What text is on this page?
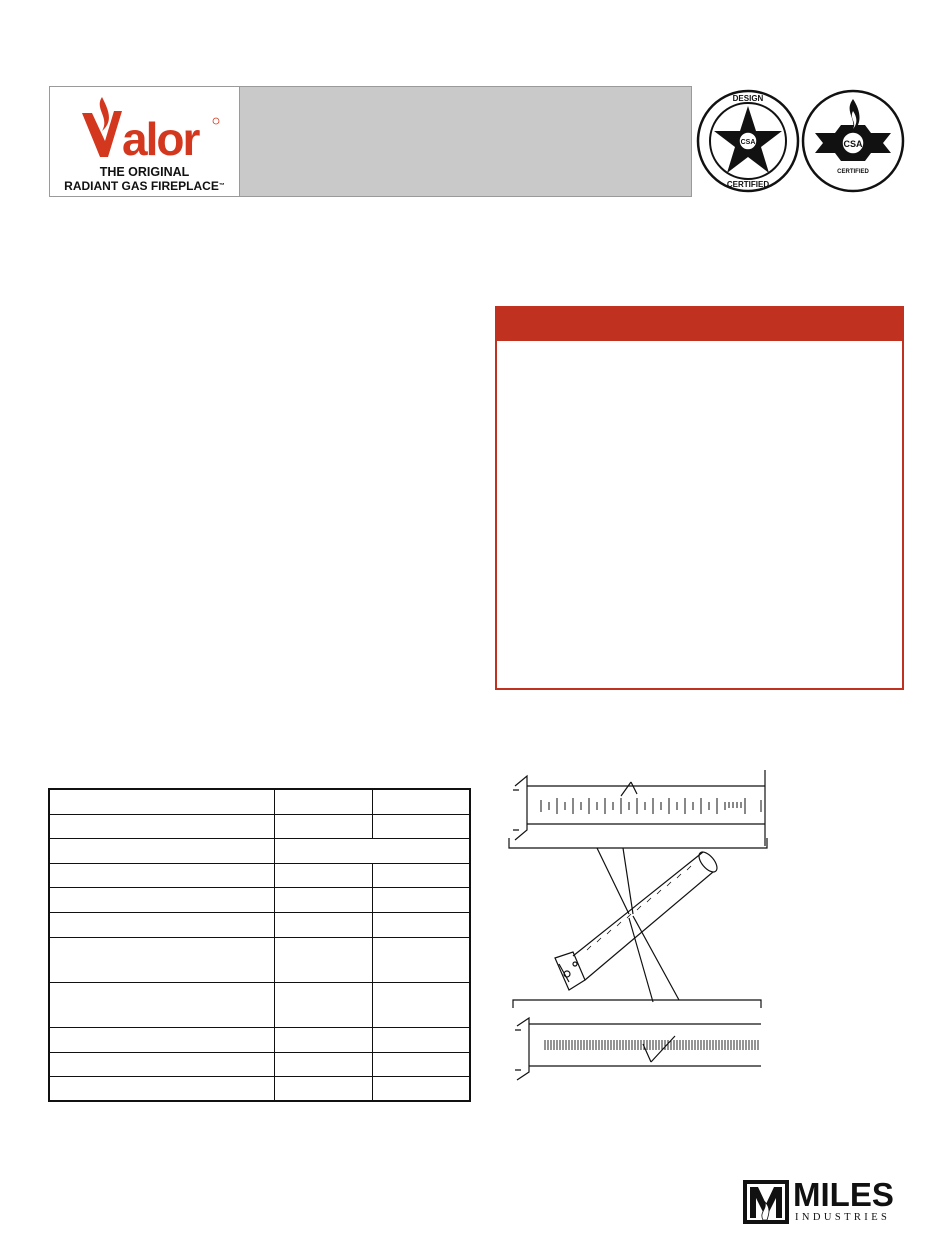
alor
THE ORIGINAL
RADIANT GAS FIREPLACE™
CSA
DESIGN
CERTIFIED
CSA
CERTIFIED
MILES
INDUSTRIES
